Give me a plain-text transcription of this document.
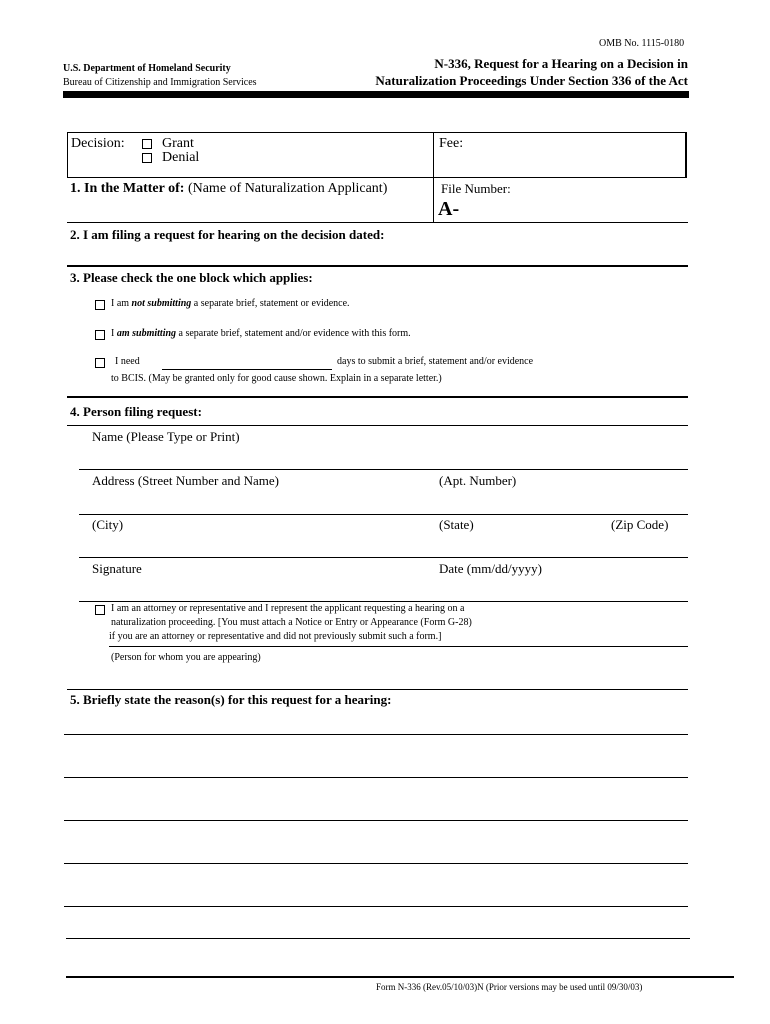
OMB No. 1115-0180
U.S. Department of Homeland Security
Bureau of Citizenship and Immigration Services
N-336, Request for a Hearing on a Decision in
Naturalization Proceedings Under Section 336 of the Act
Decision:	Grant
Denial
Fee:
1. In the Matter of: (Name of Naturalization Applicant)	File Number:
A-
2. I am filing a request for hearing on the decision dated:
3. Please check the one block which applies:
I am not submitting a separate brief, statement or evidence.
I am submitting a separate brief, statement and/or evidence with this form.
I need	days to submit a brief, statement and/or evidence
to BCIS. (May be granted only for good cause shown. Explain in a separate letter.)
4. Person filing request:
Name (Please Type or Print)
Address (Street Number and Name)	(Apt. Number)
(City)	(State)	(Zip Code)
Signature	Date (mm/dd/yyyy)
I am an attorney or representative and I represent the applicant requesting a hearing on a
naturalization proceeding. [You must attach a Notice or Entry or Appearance (Form G-28)
if you are an attorney or representative and did not previously submit such a form.]
(Person for whom you are appearing)
5. Briefly state the reason(s) for this request for a hearing:
Form N-336 (Rev.05/10/03)N (Prior versions may be used until 09/30/03)
